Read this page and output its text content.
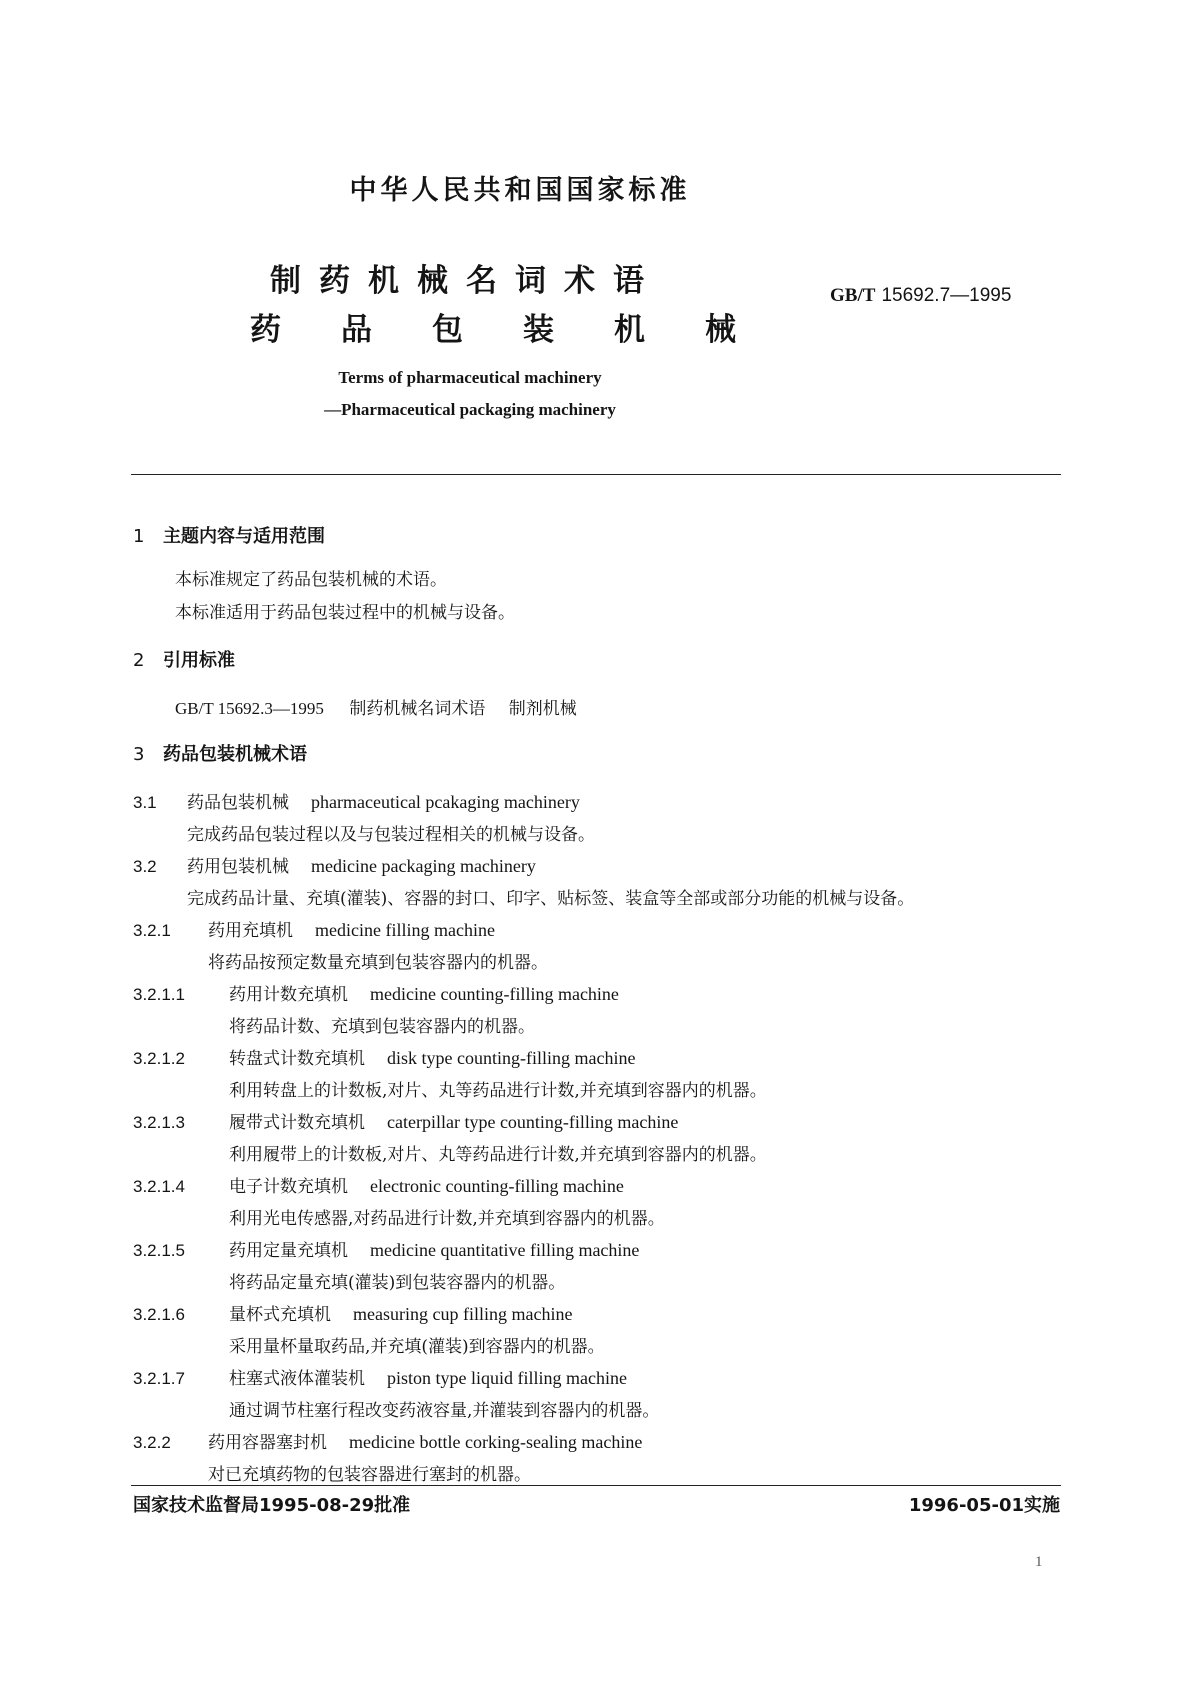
中华人民共和国国家标准
制药机械名词术语
药品包装机械
GB/T 15692.7—1995
Terms of pharmaceutical machinery
—Pharmaceutical packaging machinery
1 主题内容与适用范围
本标准规定了药品包装机械的术语。
本标准适用于药品包装过程中的机械与设备。
2 引用标准
GB/T 15692.3—1995 制药机械名词术语 制剂机械
3 药品包装机械术语
3.1 药品包装机械 pharmaceutical pcakaging machinery
完成药品包装过程以及与包装过程相关的机械与设备。
3.2 药用包装机械 medicine packaging machinery
完成药品计量、充填(灌装)、容器的封口、印字、贴标签、装盒等全部或部分功能的机械与设备。
3.2.1 药用充填机 medicine filling machine
将药品按预定数量充填到包装容器内的机器。
3.2.1.1	药用计数充填机 medicine counting-filling machine
将药品计数、充填到包装容器内的机器。
3.2.1.2	转盘式计数充填机 disk type counting-filling machine
利用转盘上的计数板,对片、丸等药品进行计数,并充填到容器内的机器。
3.2.1.3	履带式计数充填机 caterpillar type counting-filling machine
利用履带上的计数板,对片、丸等药品进行计数,并充填到容器内的机器。
3.2.1.4	电子计数充填机 electronic counting-filling machine
利用光电传感器,对药品进行计数,并充填到容器内的机器。
3.2.1.5	药用定量充填机 medicine quantitative filling machine
将药品定量充填(灌装)到包装容器内的机器。
3.2.1.6	量杯式充填机 measuring cup filling machine
采用量杯量取药品,并充填(灌装)到容器内的机器。
3.2.1.7	柱塞式液体灌装机 piston type liquid filling machine
通过调节柱塞行程改变药液容量,并灌装到容器内的机器。
3.2.2 药用容器塞封机 medicine bottle corking-sealing machine
对已充填药物的包装容器进行塞封的机器。
国家技术监督局1995-08-29批准	1996-05-01实施
1
